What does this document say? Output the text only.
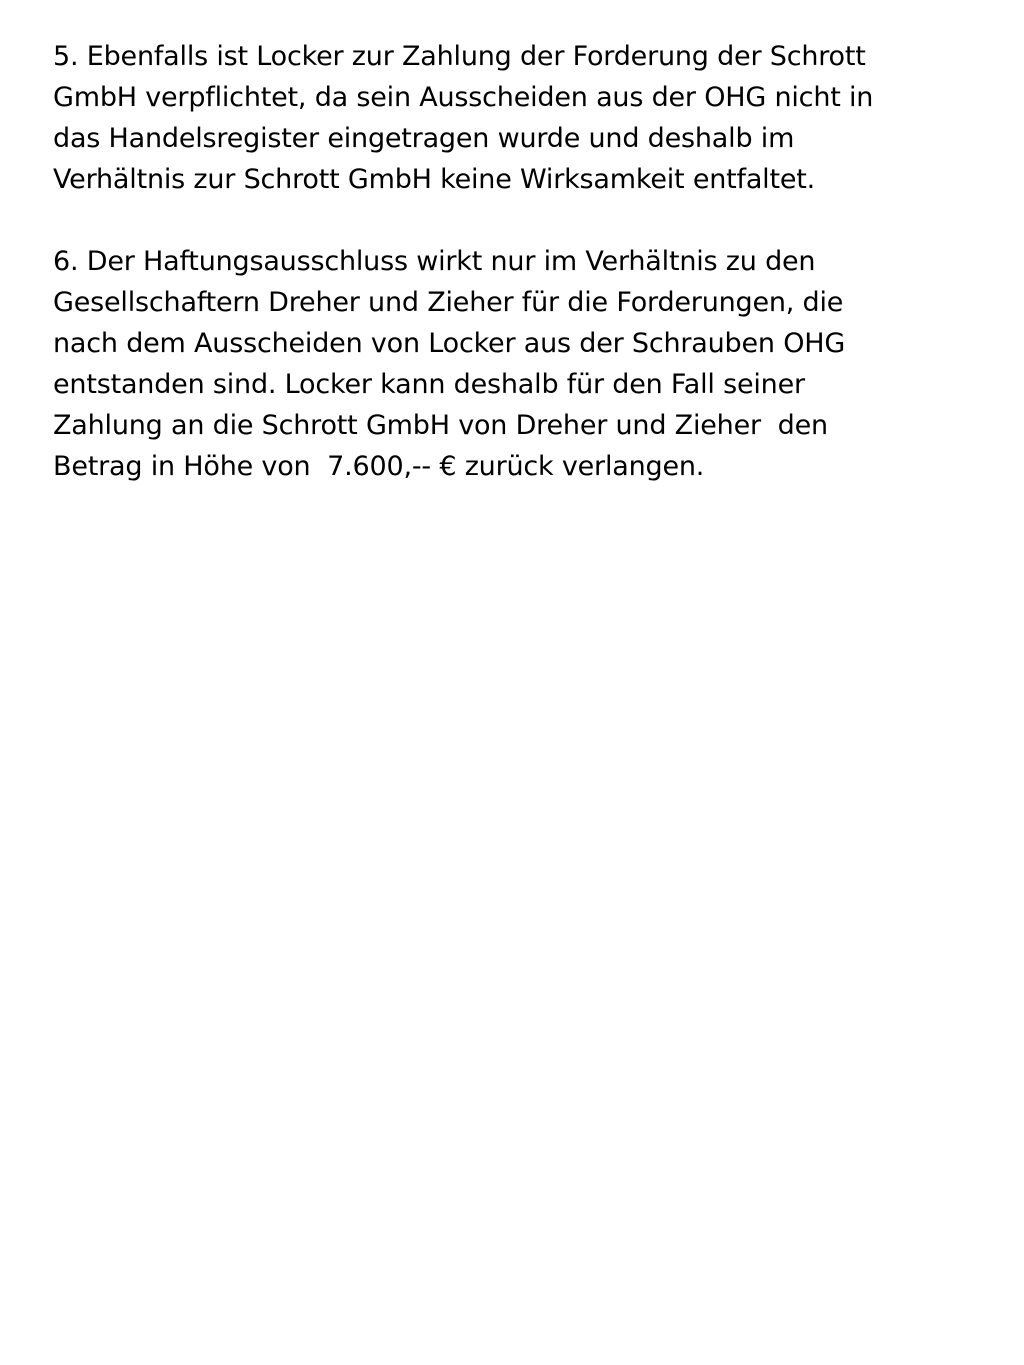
5. Ebenfalls ist Locker zur Zahlung der Forderung der Schrott
GmbH verpflichtet, da sein Ausscheiden aus der OHG nicht in
das Handelsregister eingetragen wurde und deshalb im
Verhältnis zur Schrott GmbH keine Wirksamkeit entfaltet.

6. Der Haftungsausschluss wirkt nur im Verhältnis zu den
Gesellschaftern Dreher und Zieher für die Forderungen, die
nach dem Ausscheiden von Locker aus der Schrauben OHG
entstanden sind. Locker kann deshalb für den Fall seiner
Zahlung an die Schrott GmbH von Dreher und Zieher  den
Betrag in Höhe von  7.600,-- € zurück verlangen.
